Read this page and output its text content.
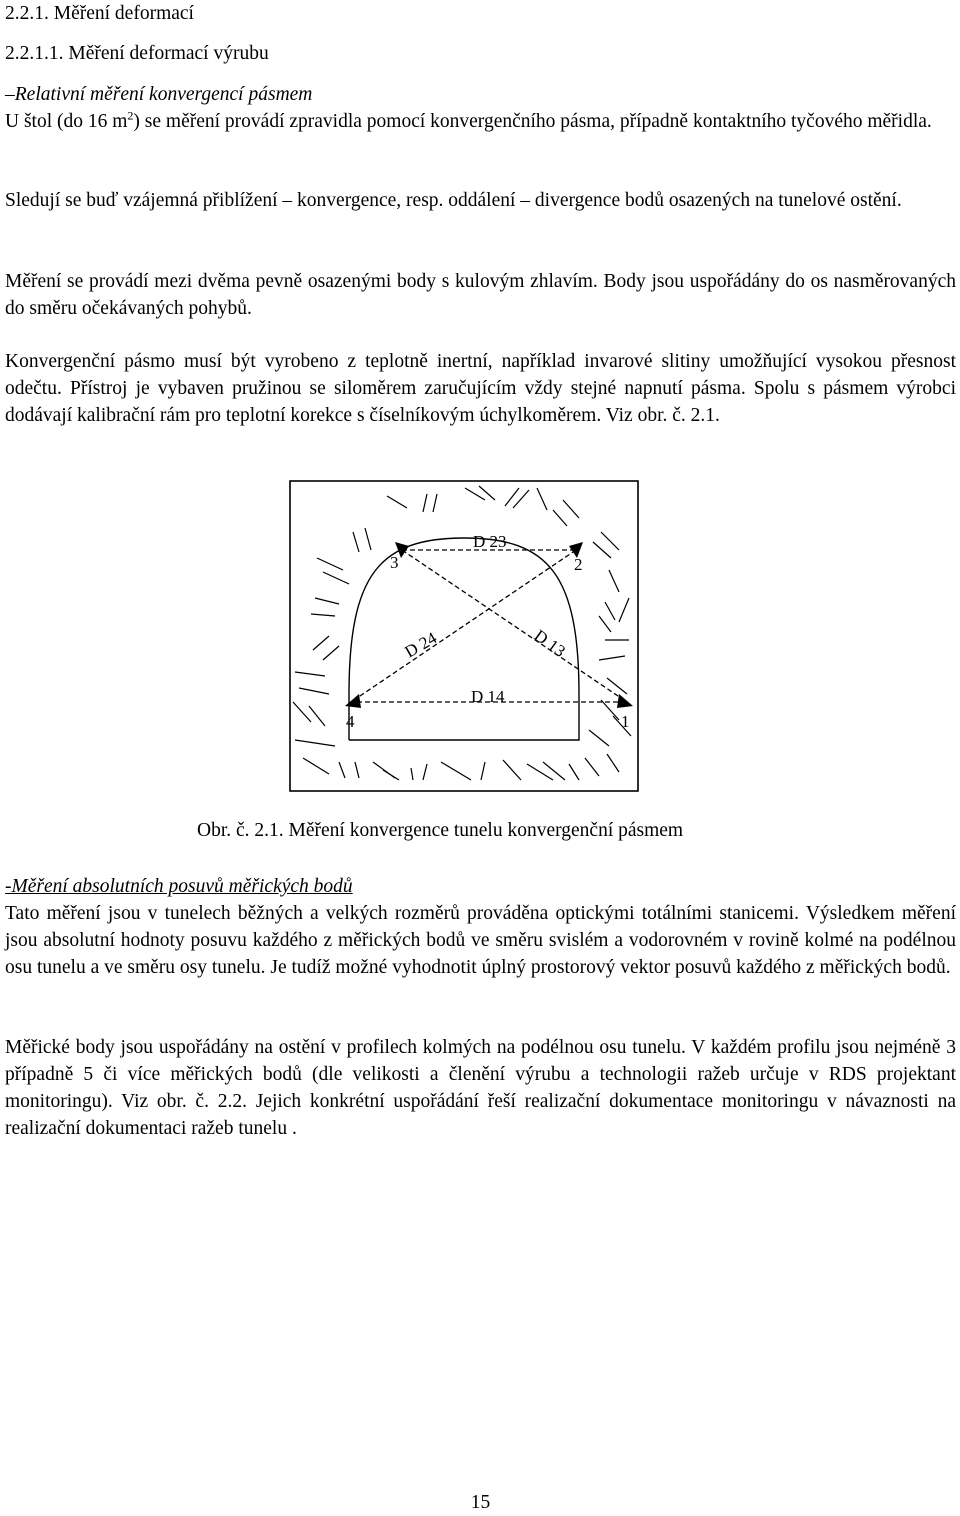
2.2.1. Měření deformací
2.2.1.1. Měření deformací výrubu

–Relativní měření konvergencí pásmem
U štol (do 16 $m^2$) se měření provádí zpravidla pomocí konvergenčního pásma, případně kontaktního tyčového měřidla.

Sledují se buď vzájemná přiblížení – konvergence, resp. oddálení – divergence bodů osazených na tunelové ostění.

Měření se provádí mezi dvěma pevně osazenými body s kulovým zhlavím. Body jsou uspořádány do os nasměrovaných do směru očekávaných pohybů.

Konvergenční pásmo musí být vyrobeno z teplotně inertní, například invarové slitiny umožňující vysokou přesnost odečtu. Přístroj je vybaven pružinou se siloměrem zaručujícím vždy stejné napnutí pásma. Spolu s pásmem výrobci dodávají kalibrační rám pro teplotní korekce s číselníkovým úchylkoměrem. Viz obr. č. 2.1.

D 23
3	2
D 24	D 13
D 14
4	1
Obr. č. 2.1. Měření konvergence tunelu konvergenční pásmem

-Měření absolutních posuvů měřických bodů
Tato měření jsou v tunelech běžných a velkých rozměrů prováděna optickými totálními stanicemi. Výsledkem měření jsou absolutní hodnoty posuvu každého z měřických bodů ve směru svislém a vodorovném v rovině kolmé na podélnou osu tunelu a ve směru osy tunelu. Je tudíž možné vyhodnotit úplný prostorový vektor posuvů každého z měřických bodů.

Měřické body jsou uspořádány na ostění v profilech kolmých na podélnou osu tunelu. V každém profilu jsou nejméně 3 případně 5 či více měřických bodů (dle velikosti a členění výrubu a technologii ražeb určuje v RDS projektant monitoringu). Viz obr. č. 2.2. Jejich konkrétní uspořádání řeší realizační dokumentace monitoringu v návaznosti na realizační dokumentaci ražeb tunelu .

15
